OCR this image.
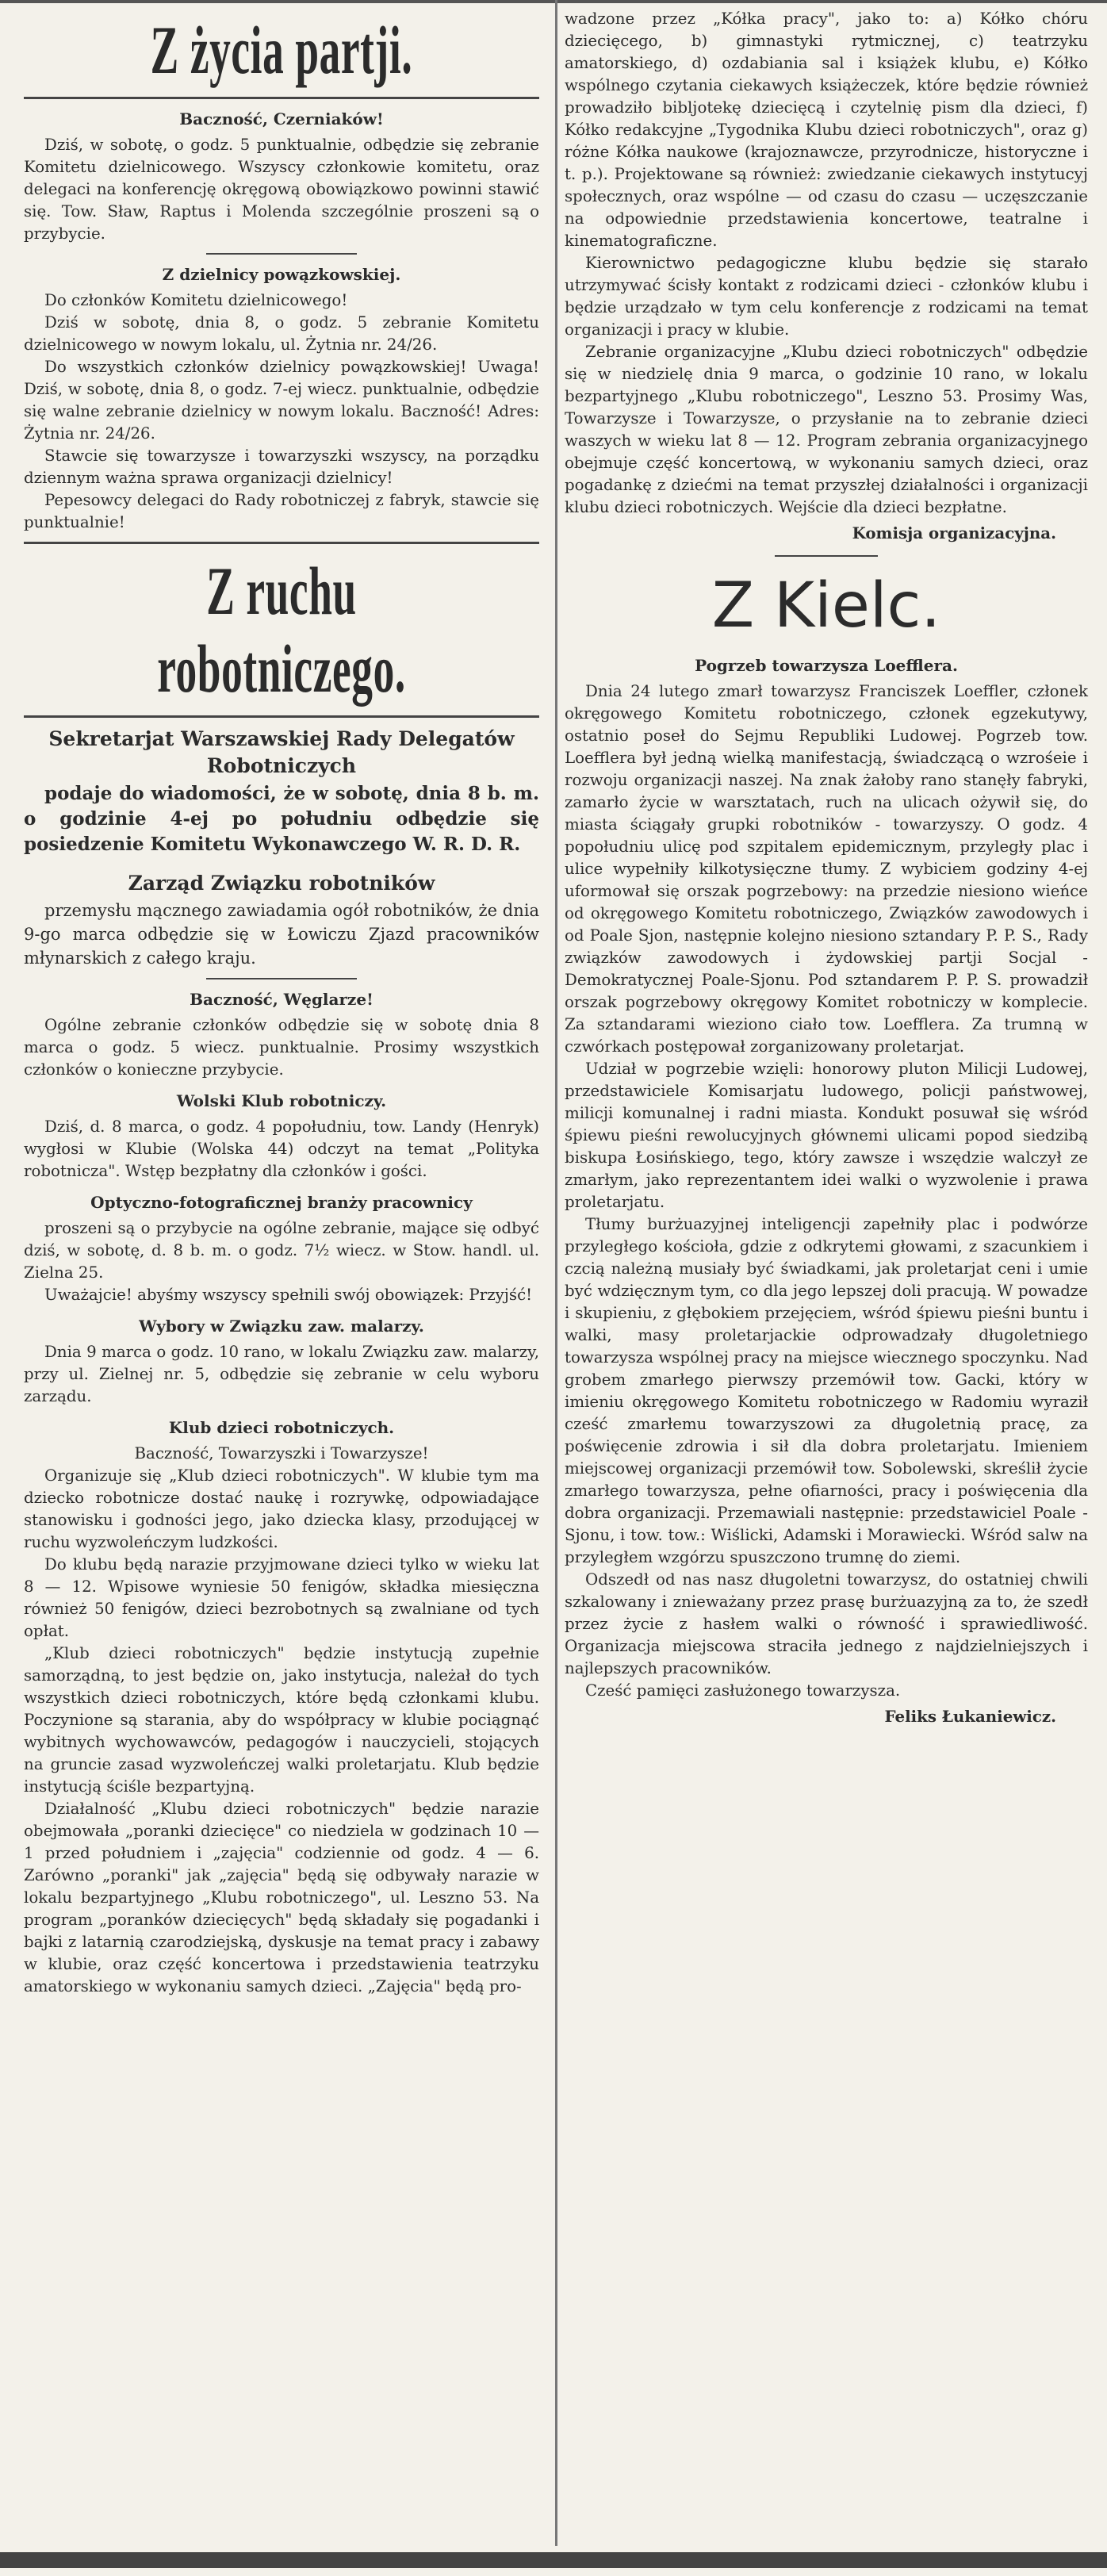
Z życia partji.
Baczność, Czerniaków!

Dziś, w sobotę, o godz. 5 punktualnie, odbędzie się zebranie Komitetu dzielnicowego. Wszyscy członkowie komitetu, oraz delegaci na konferencję okręgową obowiązkowo powinni stawić się. Tow. Sław, Raptus i Molenda szczególnie proszeni są o przybycie.

Z dzielnicy powązkowskiej.

Do członków Komitetu dzielnicowego!

Dziś w sobotę, dnia 8, o godz. 5 zebranie Komitetu dzielnicowego w nowym lokalu, ul. Żytnia nr. 24/26.

Do wszystkich członków dzielnicy powązkowskiej! Uwaga! Dziś, w sobotę, dnia 8, o godz. 7-ej wiecz. punktualnie, odbędzie się walne zebranie dzielnicy w nowym lokalu. Baczność! Adres: Żytnia nr. 24/26.

Stawcie się towarzysze i towarzyszki wszyscy, na porządku dziennym ważna sprawa organizacji dzielnicy!

Pepesowcy delegaci do Rady robotniczej z fabryk, stawcie się punktualnie!

Z ruchu robotniczego.
Sekretarjat Warszawskiej Rady Delegatów Robotniczych

podaje do wiadomości, że w sobotę, dnia 8 b. m. o godzinie 4-ej po południu odbędzie się posiedzenie Komitetu Wykonawczego W. R. D. R.

Zarząd Związku robotników

przemysłu mącznego zawiadamia ogół robotników, że dnia 9-go marca odbędzie się w Łowiczu Zjazd pracowników młynarskich z całego kraju.

Baczność, Węglarze!

Ogólne zebranie członków odbędzie się w sobotę dnia 8 marca o godz. 5 wiecz. punktualnie. Prosimy wszystkich członków o konieczne przybycie.

Wolski Klub robotniczy.

Dziś, d. 8 marca, o godz. 4 popołudniu, tow. Landy (Henryk) wygłosi w Klubie (Wolska 44) odczyt na temat „Polityka robotnicza". Wstęp bezpłatny dla członków i gości.

Optyczno-fotograficznej branży pracownicy

proszeni są o przybycie na ogólne zebranie, mające się odbyć dziś, w sobotę, d. 8 b. m. o godz. 7½ wiecz. w Stow. handl. ul. Zielna 25.

Uważajcie! abyśmy wszyscy spełnili swój obowiązek: Przyjść!

Wybory w Związku zaw. malarzy.

Dnia 9 marca o godz. 10 rano, w lokalu Związku zaw. malarzy, przy ul. Zielnej nr. 5, odbędzie się zebranie w celu wyboru zarządu.

Klub dzieci robotniczych.

Baczność, Towarzyszki i Towarzysze!

Organizuje się „Klub dzieci robotniczych". W klubie tym ma dziecko robotnicze dostać naukę i rozrywkę, odpowiadające stanowisku i godności jego, jako dziecka klasy, przodującej w ruchu wyzwoleńczym ludzkości.

Do klubu będą narazie przyjmowane dzieci tylko w wieku lat 8 — 12. Wpisowe wyniesie 50 fenigów, składka miesięczna również 50 fenigów, dzieci bezrobotnych są zwalniane od tych opłat.

„Klub dzieci robotniczych" będzie instytucją zupełnie samorządną, to jest będzie on, jako instytucja, należał do tych wszystkich dzieci robotniczych, które będą członkami klubu. Poczynione są starania, aby do współpracy w klubie pociągnąć wybitnych wychowawców, pedagogów i nauczycieli, stojących na gruncie zasad wyzwoleńczej walki proletarjatu. Klub będzie instytucją ściśle bezpartyjną.

Działalność „Klubu dzieci robotniczych" będzie narazie obejmowała „poranki dziecięce" co niedziela w godzinach 10 — 1 przed południem i „zajęcia" codziennie od godz. 4 — 6. Zarówno „poranki" jak „zajęcia" będą się odbywały narazie w lokalu bezpartyjnego „Klubu robotniczego", ul. Leszno 53. Na program „poranków dziecięcych" będą składały się pogadanki i bajki z latarnią czarodziejską, dyskusje na temat pracy i zabawy w klubie, oraz część koncertowa i przedstawienia teatrzyku amatorskiego w wykonaniu samych dzieci. „Zajęcia" będą pro-

wadzone przez „Kółka pracy", jako to: a) Kółko chóru dziecięcego, b) gimnastyki rytmicznej, c) teatrzyku amatorskiego, d) ozdabiania sal i książek klubu, e) Kółko wspólnego czytania ciekawych książeczek, które będzie również prowadziło bibljotekę dziecięcą i czytelnię pism dla dzieci, f) Kółko redakcyjne „Tygodnika Klubu dzieci robotniczych", oraz g) różne Kółka naukowe (krajoznawcze, przyrodnicze, historyczne i t. p.). Projektowane są również: zwiedzanie ciekawych instytucyj społecznych, oraz wspólne — od czasu do czasu — uczęszczanie na odpowiednie przedstawienia koncertowe, teatralne i kinematograficzne.

Kierownictwo pedagogiczne klubu będzie się starało utrzymywać ścisły kontakt z rodzicami dzieci - członków klubu i będzie urządzało w tym celu konferencje z rodzicami na temat organizacji i pracy w klubie.

Zebranie organizacyjne „Klubu dzieci robotniczych" odbędzie się w niedzielę dnia 9 marca, o godzinie 10 rano, w lokalu bezpartyjnego „Klubu robotniczego", Leszno 53. Prosimy Was, Towarzysze i Towarzysze, o przysłanie na to zebranie dzieci waszych w wieku lat 8 — 12. Program zebrania organizacyjnego obejmuje część koncertową, w wykonaniu samych dzieci, oraz pogadankę z dziećmi na temat przyszłej działalności i organizacji klubu dzieci robotniczych. Wejście dla dzieci bezpłatne.

Komisja organizacyjna.

Z Kielc.
Pogrzeb towarzysza Loefflera.

Dnia 24 lutego zmarł towarzysz Franciszek Loeffler, członek okręgowego Komitetu robotniczego, członek egzekutywy, ostatnio poseł do Sejmu Republiki Ludowej. Pogrzeb tow. Loefflera był jedną wielką manifestacją, świadczącą o wzrośeie i rozwoju organizacji naszej. Na znak żałoby rano stanęły fabryki, zamarło życie w warsztatach, ruch na ulicach ożywił się, do miasta ściągały grupki robotników - towarzyszy. O godz. 4 popołudniu ulicę pod szpitalem epidemicznym, przyległy plac i ulice wypełniły kilkotysięczne tłumy. Z wybiciem godziny 4-ej uformował się orszak pogrzebowy: na przedzie niesiono wieńce od okręgowego Komitetu robotniczego, Związków zawodowych i od Poale Sjon, następnie kolejno niesiono sztandary P. P. S., Rady związków zawodowych i żydowskiej partji Socjal - Demokratycznej Poale-Sjonu. Pod sztandarem P. P. S. prowadził orszak pogrzebowy okręgowy Komitet robotniczy w komplecie. Za sztandarami wieziono ciało tow. Loefflera. Za trumną w czwórkach postępował zorganizowany proletarjat.

Udział w pogrzebie wzięli: honorowy pluton Milicji Ludowej, przedstawiciele Komisarjatu ludowego, policji państwowej, milicji komunalnej i radni miasta. Kondukt posuwał się wśród śpiewu pieśni rewolucyjnych głównemi ulicami popod siedzibą biskupa Łosińskiego, tego, który zawsze i wszędzie walczył ze zmarłym, jako reprezentantem idei walki o wyzwolenie i prawa proletarjatu.

Tłumy burżuazyjnej inteligencji zapełniły plac i podwórze przyległego kościoła, gdzie z odkrytemi głowami, z szacunkiem i czcią należną musiały być świadkami, jak proletarjat ceni i umie być wdzięcznym tym, co dla jego lepszej doli pracują. W powadze i skupieniu, z głębokiem przejęciem, wśród śpiewu pieśni buntu i walki, masy proletarjackie odprowadzały długoletniego towarzysza wspólnej pracy na miejsce wiecznego spoczynku. Nad grobem zmarłego pierwszy przemówił tow. Gacki, który w imieniu okręgowego Komitetu robotniczego w Radomiu wyraził cześć zmarłemu towarzyszowi za długoletnią pracę, za poświęcenie zdrowia i sił dla dobra proletarjatu. Imieniem miejscowej organizacji przemówił tow. Sobolewski, skreślił życie zmarłego towarzysza, pełne ofiarności, pracy i poświęcenia dla dobra organizacji. Przemawiali następnie: przedstawiciel Poale - Sjonu, i tow. tow.: Wiślicki, Adamski i Morawiecki. Wśród salw na przyległem wzgórzu spuszczono trumnę do ziemi.

Odszedł od nas nasz długoletni towarzysz, do ostatniej chwili szkalowany i znieważany przez prasę burżuazyjną za to, że szedł przez życie z hasłem walki o równość i sprawiedliwość. Organizacja miejscowa straciła jednego z najdzielniejszych i najlepszych pracowników.

Cześć pamięci zasłużonego towarzysza.

Feliks Łukaniewicz.
